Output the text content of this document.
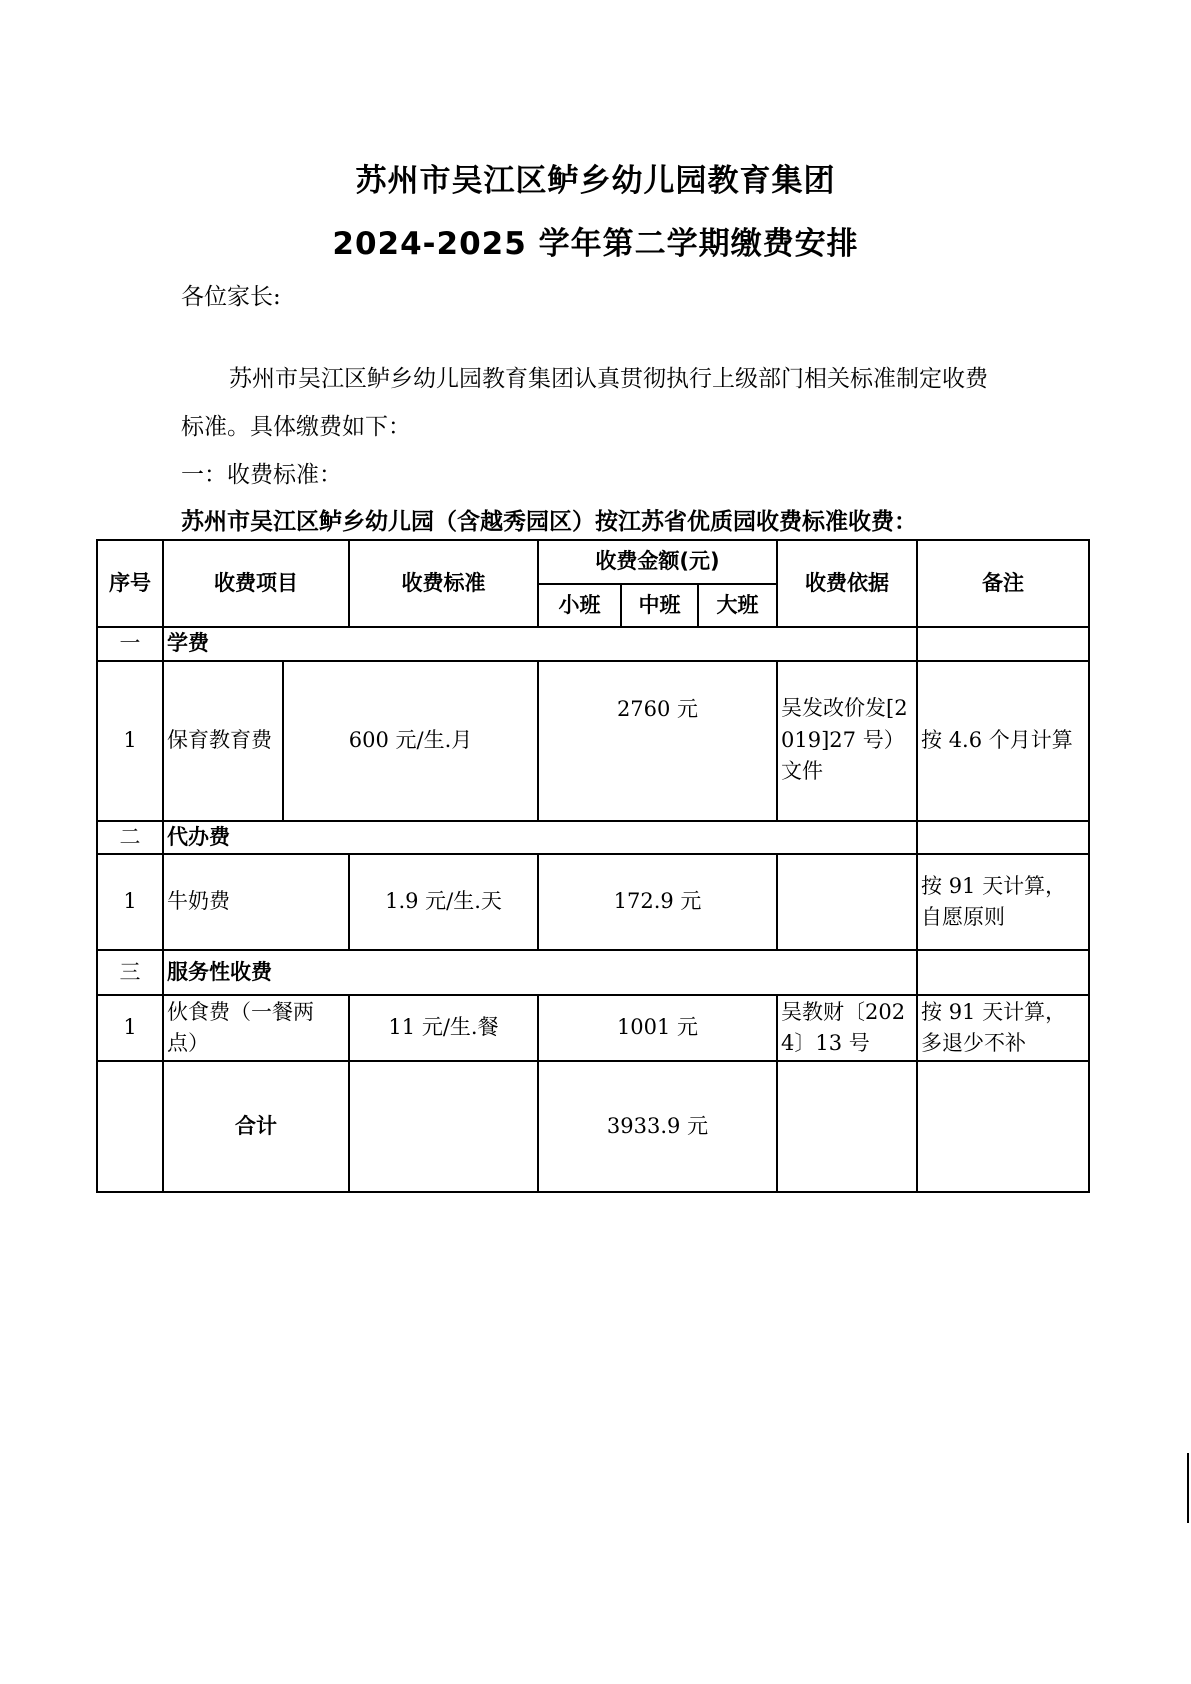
苏州市吴江区鲈乡幼儿园教育集团
2024-2025 学年第二学期缴费安排
各位家长:
苏州市吴江区鲈乡幼儿园教育集团认真贯彻执行上级部门相关标准制定收费
标准。具体缴费如下：
一：收费标准：
苏州市吴江区鲈乡幼儿园（含越秀园区）按江苏省优质园收费标准收费：
序号	收费项目		收费标准	收费金额(元)			收费依据	备注
				小班	中班	大班		
一	学费							
1	保育教育费	600 元/生.月		2760 元			吴发改价发[2019]27 号）文件	按 4.6 个月计算
二	代办费							
1	牛奶费		1.9 元/生.天	172.9 元				按 91 天计算，自愿原则
三	服务性收费							
1	伙食费（一餐两点）		11 元/生.餐	1001 元			吴教财〔2024〕13 号	按 91 天计算，多退少不补
	合计			3933.9 元				
